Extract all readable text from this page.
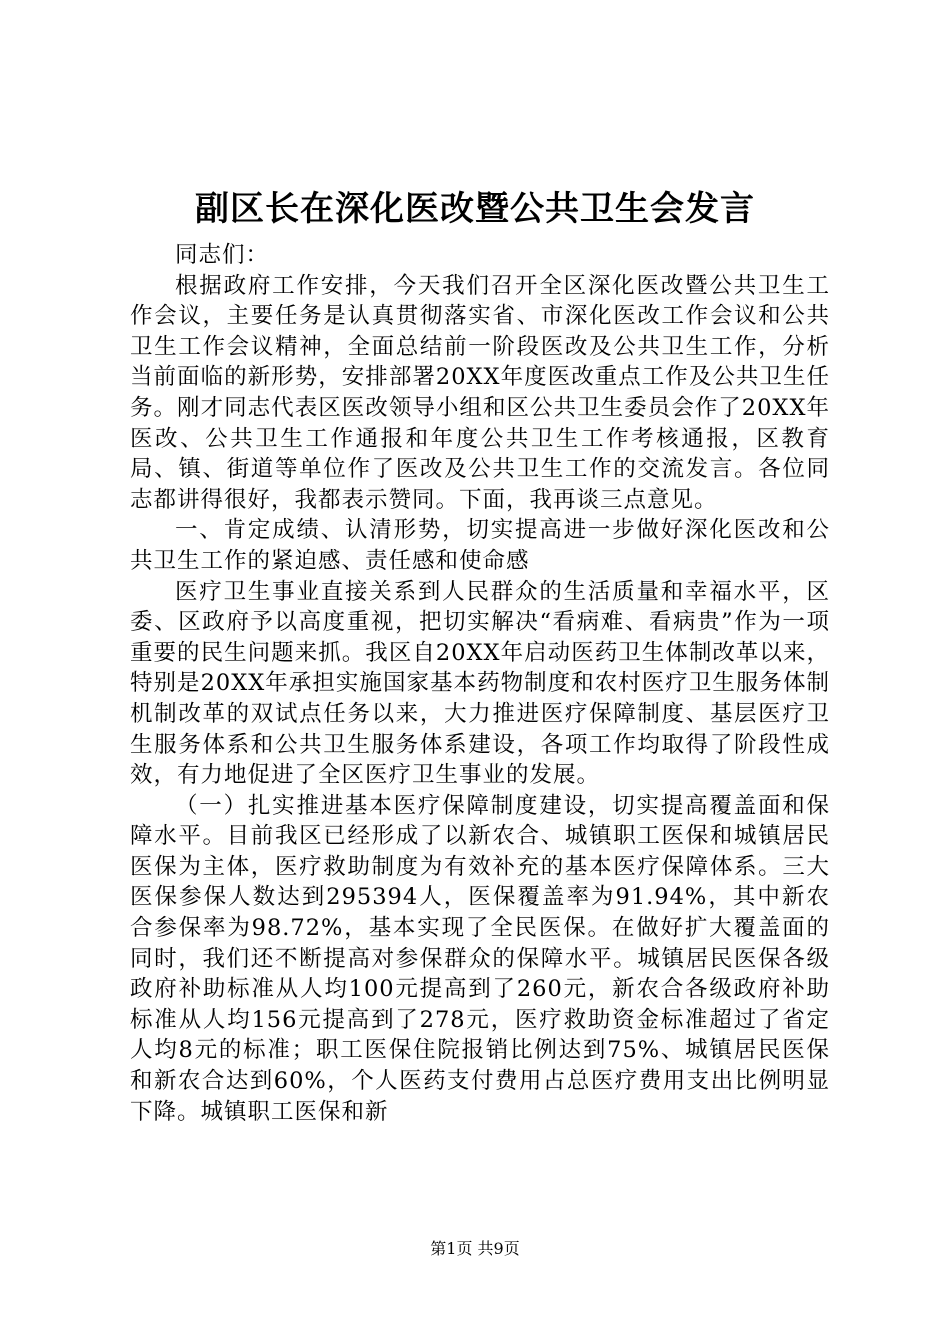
副区长在深化医改暨公共卫生会发言

同志们：

根据政府工作安排，今天我们召开全区深化医改暨公共卫生工作会议，主要任务是认真贯彻落实省、市深化医改工作会议和公共卫生工作会议精神，全面总结前一阶段医改及公共卫生工作，分析当前面临的新形势，安排部署20XX年度医改重点工作及公共卫生任务。刚才同志代表区医改领导小组和区公共卫生委员会作了20XX年医改、公共卫生工作通报和年度公共卫生工作考核通报，区教育局、镇、街道等单位作了医改及公共卫生工作的交流发言。各位同志都讲得很好，我都表示赞同。下面，我再谈三点意见。

一、肯定成绩、认清形势，切实提高进一步做好深化医改和公共卫生工作的紧迫感、责任感和使命感

医疗卫生事业直接关系到人民群众的生活质量和幸福水平，区委、区政府予以高度重视，把切实解决“看病难、看病贵”作为一项重要的民生问题来抓。我区自20XX年启动医药卫生体制改革以来，特别是20XX年承担实施国家基本药物制度和农村医疗卫生服务体制机制改革的双试点任务以来，大力推进医疗保障制度、基层医疗卫生服务体系和公共卫生服务体系建设，各项工作均取得了阶段性成效，有力地促进了全区医疗卫生事业的发展。

（一）扎实推进基本医疗保障制度建设，切实提高覆盖面和保障水平。目前我区已经形成了以新农合、城镇职工医保和城镇居民医保为主体，医疗救助制度为有效补充的基本医疗保障体系。三大医保参保人数达到295394人，医保覆盖率为91.94%，其中新农合参保率为98.72%，基本实现了全民医保。在做好扩大覆盖面的同时，我们还不断提高对参保群众的保障水平。城镇居民医保各级政府补助标准从人均100元提高到了260元，新农合各级政府补助标准从人均156元提高到了278元，医疗救助资金标准超过了省定人均8元的标准；职工医保住院报销比例达到75%、城镇居民医保和新农合达到60%，个人医药支付费用占总医疗费用支出比例明显下降。城镇职工医保和新

第1页 共9页
